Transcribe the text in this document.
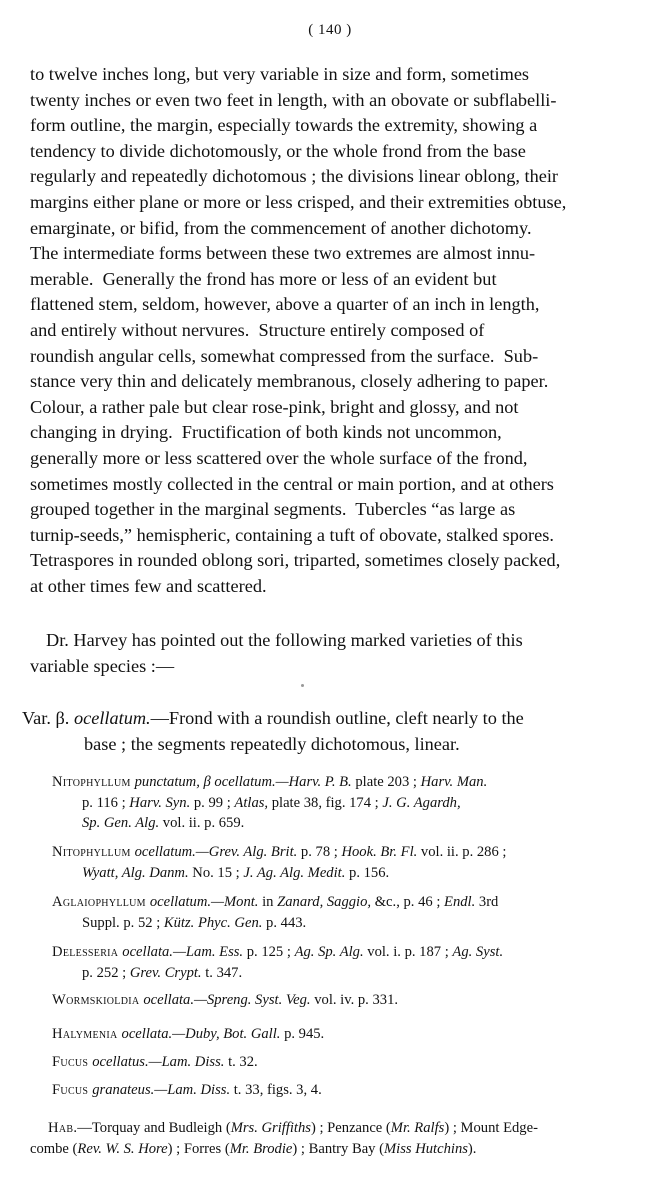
( 140 )
to twelve inches long, but very variable in size and form, sometimes
twenty inches or even two feet in length, with an obovate or subflabelli-
form outline, the margin, especially towards the extremity, showing a
tendency to divide dichotomously, or the whole frond from the base
regularly and repeatedly dichotomous ; the divisions linear oblong, their
margins either plane or more or less crisped, and their extremities obtuse,
emarginate, or bifid, from the commencement of another dichotomy.
The intermediate forms between these two extremes are almost innu-
merable.  Generally the frond has more or less of an evident but
flattened stem, seldom, however, above a quarter of an inch in length,
and entirely without nervures.  Structure entirely composed of
roundish angular cells, somewhat compressed from the surface.  Sub-
stance very thin and delicately membranous, closely adhering to paper.
Colour, a rather pale but clear rose-pink, bright and glossy, and not
changing in drying.  Fructification of both kinds not uncommon,
generally more or less scattered over the whole surface of the frond,
sometimes mostly collected in the central or main portion, and at others
grouped together in the marginal segments.  Tubercles “as large as
turnip-seeds,” hemispheric, containing a tuft of obovate, stalked spores.
Tetraspores in rounded oblong sori, triparted, sometimes closely packed,
at other times few and scattered.
Dr. Harvey has pointed out the following marked varieties of this
variable species :—
Var. β. ocellatum.—Frond with a roundish outline, cleft nearly to the
base ; the segments repeatedly dichotomous, linear.
Nitophyllum punctatum, β ocellatum.—Harv. P. B. plate 203 ; Harv. Man.
p. 116 ; Harv. Syn. p. 99 ; Atlas, plate 38, fig. 174 ; J. G. Agardh,
Sp. Gen. Alg. vol. ii. p. 659.
Nitophyllum ocellatum.—Grev. Alg. Brit. p. 78 ; Hook. Br. Fl. vol. ii. p. 286 ;
Wyatt, Alg. Danm. No. 15 ; J. Ag. Alg. Medit. p. 156.
Aglaiophyllum ocellatum.—Mont. in Zanard, Saggio, &c., p. 46 ; Endl. 3rd
Suppl. p. 52 ; Kütz. Phyc. Gen. p. 443.
Delesseria ocellata.—Lam. Ess. p. 125 ; Ag. Sp. Alg. vol. i. p. 187 ; Ag. Syst.
p. 252 ; Grev. Crypt. t. 347.
Wormskioldia ocellata.—Spreng. Syst. Veg. vol. iv. p. 331.
Halymenia ocellata.—Duby, Bot. Gall. p. 945.
Fucus ocellatus.—Lam. Diss. t. 32.
Fucus granateus.—Lam. Diss. t. 33, figs. 3, 4.
Hab.—Torquay and Budleigh (Mrs. Griffiths) ; Penzance (Mr. Ralfs) ; Mount Edge-
combe (Rev. W. S. Hore) ; Forres (Mr. Brodie) ; Bantry Bay (Miss Hutchins).
